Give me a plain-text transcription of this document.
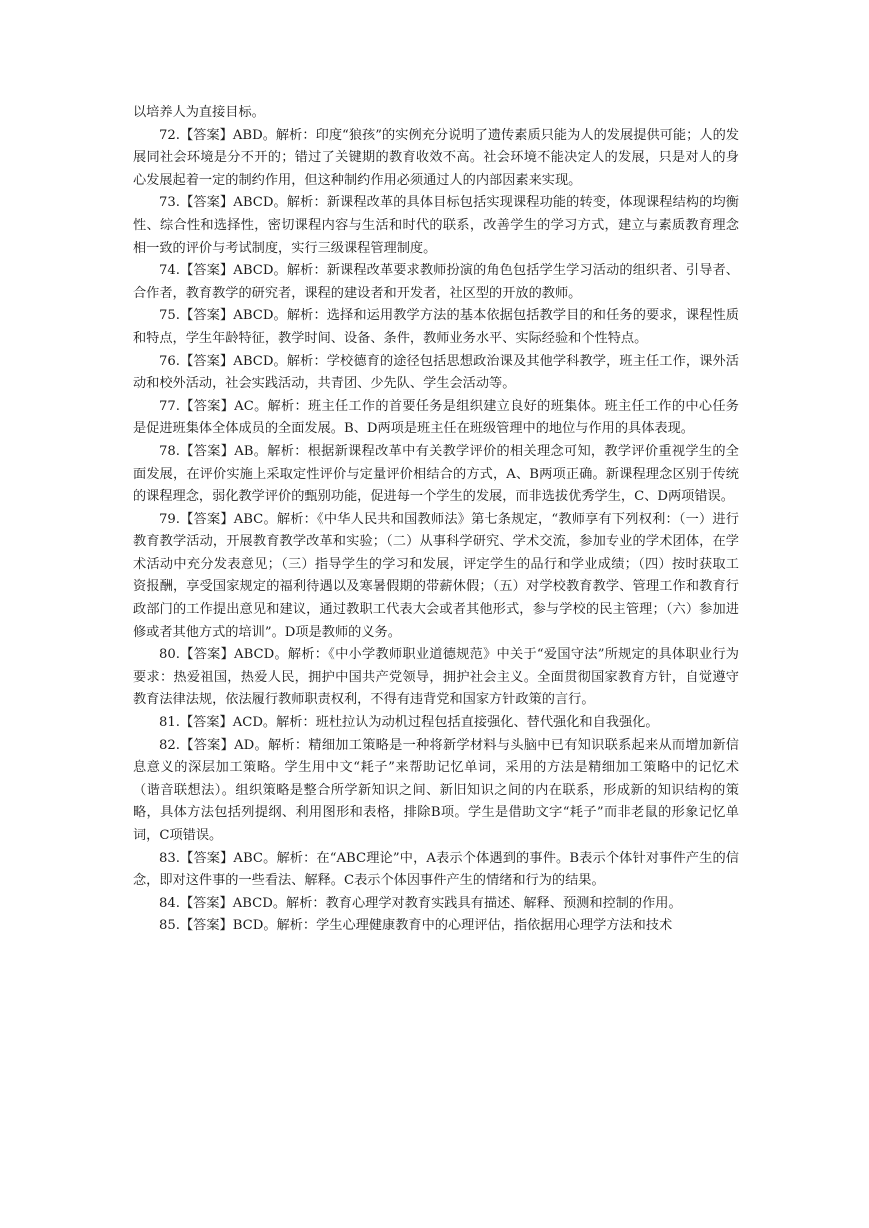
以培养人为直接目标。

72.【答案】ABD。解析：印度“狼孩”的实例充分说明了遗传素质只能为人的发展提供可能；人的发展同社会环境是分不开的；错过了关键期的教育收效不高。社会环境不能决定人的发展，只是对人的身心发展起着一定的制约作用，但这种制约作用必须通过人的内部因素来实现。

73.【答案】ABCD。解析：新课程改革的具体目标包括实现课程功能的转变，体现课程结构的均衡性、综合性和选择性，密切课程内容与生活和时代的联系，改善学生的学习方式，建立与素质教育理念相一致的评价与考试制度，实行三级课程管理制度。

74.【答案】ABCD。解析：新课程改革要求教师扮演的角色包括学生学习活动的组织者、引导者、合作者，教育教学的研究者，课程的建设者和开发者，社区型的开放的教师。

75.【答案】ABCD。解析：选择和运用教学方法的基本依据包括教学目的和任务的要求，课程性质和特点，学生年龄特征，教学时间、设备、条件，教师业务水平、实际经验和个性特点。

76.【答案】ABCD。解析：学校德育的途径包括思想政治课及其他学科教学，班主任工作，课外活动和校外活动，社会实践活动，共青团、少先队、学生会活动等。

77.【答案】AC。解析：班主任工作的首要任务是组织建立良好的班集体。班主任工作的中心任务是促进班集体全体成员的全面发展。B、D两项是班主任在班级管理中的地位与作用的具体表现。

78.【答案】AB。解析：根据新课程改革中有关教学评价的相关理念可知，教学评价重视学生的全面发展，在评价实施上采取定性评价与定量评价相结合的方式，A、B两项正确。新课程理念区别于传统的课程理念，弱化教学评价的甄别功能，促进每一个学生的发展，而非选拔优秀学生，C、D两项错误。

79.【答案】ABC。解析：《中华人民共和国教师法》第七条规定，“教师享有下列权利：（一）进行教育教学活动，开展教育教学改革和实验；（二）从事科学研究、学术交流，参加专业的学术团体，在学术活动中充分发表意见；（三）指导学生的学习和发展，评定学生的品行和学业成绩；（四）按时获取工资报酬，享受国家规定的福利待遇以及寒暑假期的带薪休假；（五）对学校教育教学、管理工作和教育行政部门的工作提出意见和建议，通过教职工代表大会或者其他形式，参与学校的民主管理；（六）参加进修或者其他方式的培训”。D项是教师的义务。

80.【答案】ABCD。解析：《中小学教师职业道德规范》中关于“爱国守法”所规定的具体职业行为要求：热爱祖国，热爱人民，拥护中国共产党领导，拥护社会主义。全面贯彻国家教育方针，自觉遵守教育法律法规，依法履行教师职责权利，不得有违背党和国家方针政策的言行。

81.【答案】ACD。解析：班杜拉认为动机过程包括直接强化、替代强化和自我强化。

82.【答案】AD。解析：精细加工策略是一种将新学材料与头脑中已有知识联系起来从而增加新信息意义的深层加工策略。学生用中文“耗子”来帮助记忆单词，采用的方法是精细加工策略中的记忆术（谐音联想法）。组织策略是整合所学新知识之间、新旧知识之间的内在联系，形成新的知识结构的策略，具体方法包括列提纲、利用图形和表格，排除B项。学生是借助文字“耗子”而非老鼠的形象记忆单词，C项错误。

83.【答案】ABC。解析：在“ABC理论”中，A表示个体遇到的事件。B表示个体针对事件产生的信念，即对这件事的一些看法、解释。C表示个体因事件产生的情绪和行为的结果。

84.【答案】ABCD。解析：教育心理学对教育实践具有描述、解释、预测和控制的作用。

85.【答案】BCD。解析：学生心理健康教育中的心理评估，指依据用心理学方法和技术
